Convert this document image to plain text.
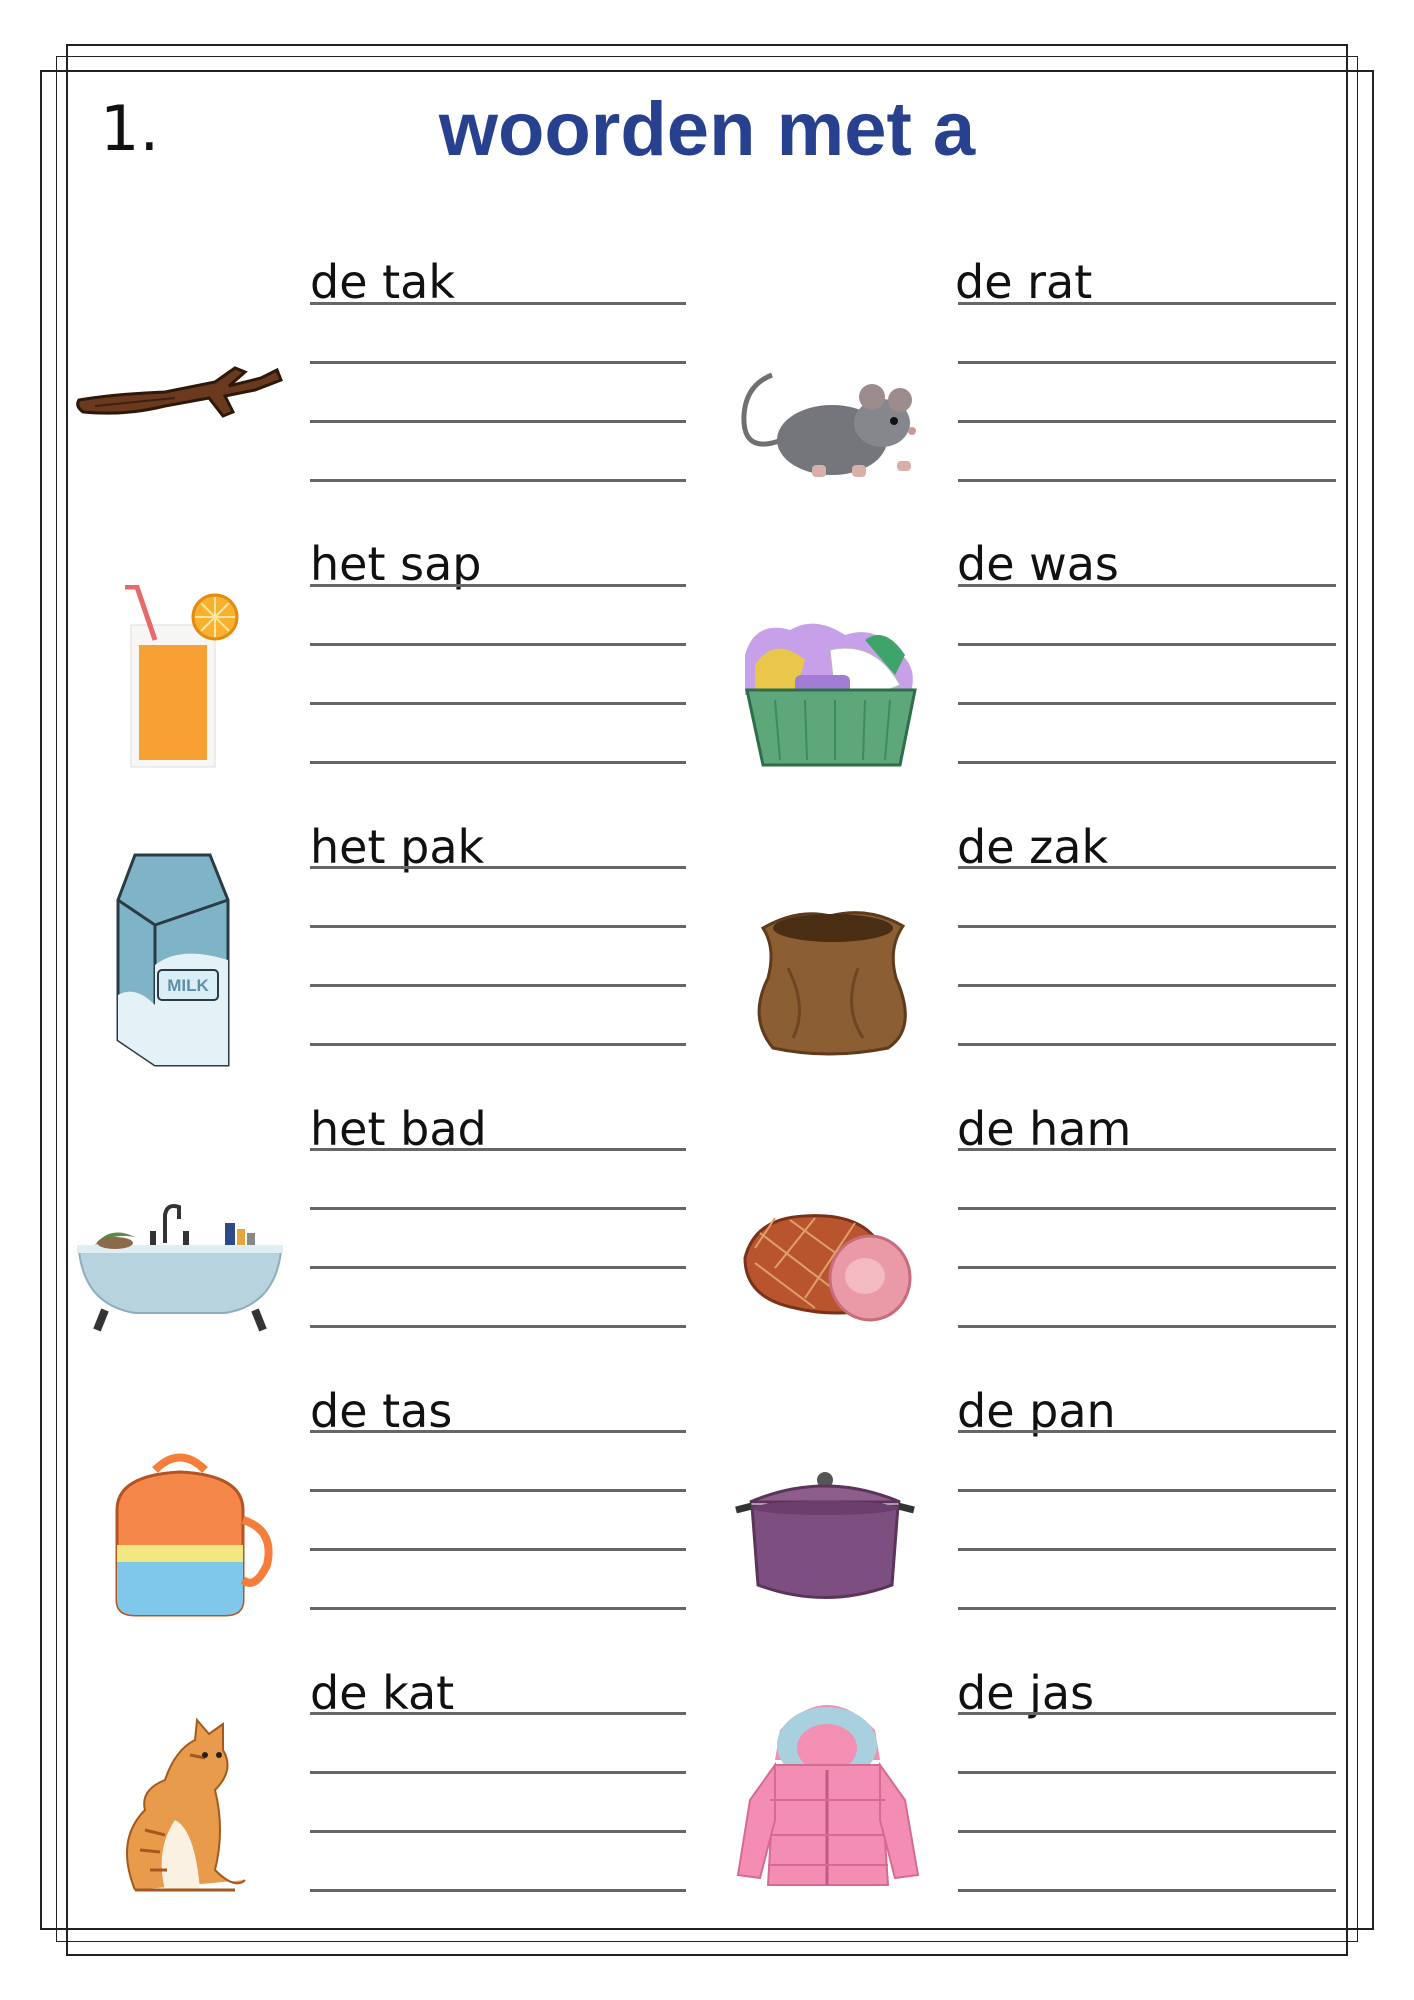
1.	woorden met a
de tak
het sap
het pak
het bad
de tas
de kat
de rat
de was
de zak
de ham
de pan
de jas
MILK
